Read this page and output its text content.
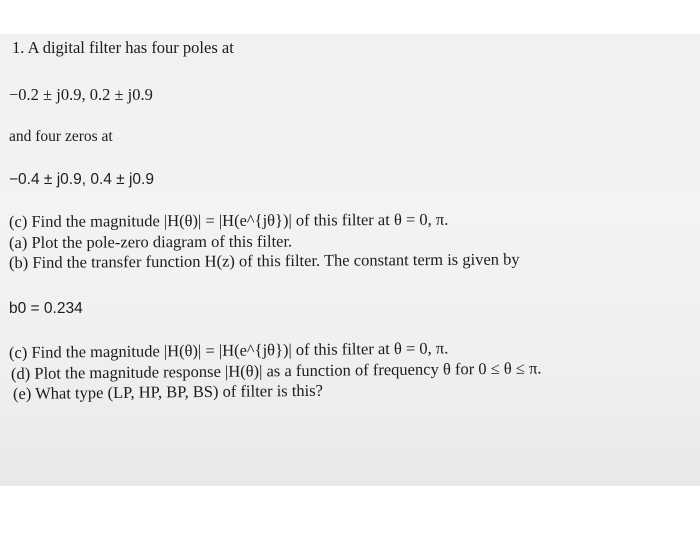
1. A digital filter has four poles at
−0.2 ± j0.9, 0.2 ± j0.9
and four zeros at
−0.4 ± j0.9, 0.4 ± j0.9
(c) Find the magnitude |H(θ)| = |H(e^{jθ})| of this filter at θ = 0, π.
(a) Plot the pole-zero diagram of this filter.
(b) Find the transfer function H(z) of this filter. The constant term is given by
b0 = 0.234
(c) Find the magnitude |H(θ)| = |H(e^{jθ})| of this filter at θ = 0, π.
(d) Plot the magnitude response |H(θ)| as a function of frequency θ for 0 ≤ θ ≤ π.
(e) What type (LP, HP, BP, BS) of filter is this?
